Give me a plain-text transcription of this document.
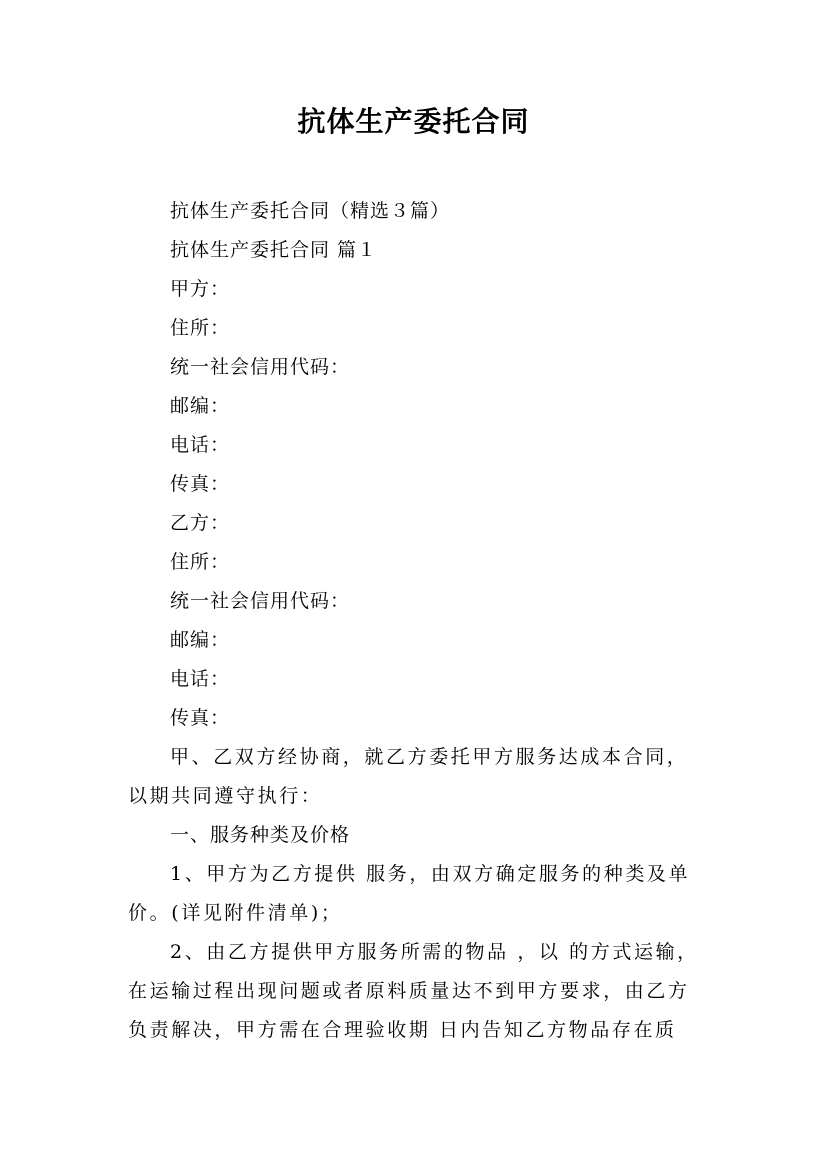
抗体生产委托合同
抗体生产委托合同（精选３篇）
抗体生产委托合同 篇１
甲方：
住所：
统一社会信用代码：
邮编：
电话：
传真：
乙方：
住所：
统一社会信用代码：
邮编：
电话：
传真：
甲、乙双方经协商，就乙方委托甲方服务达成本合同，
以期共同遵守执行：
一、服务种类及价格
1、甲方为乙方提供 服务，由双方确定服务的种类及单
价。(详见附件清单)；
2、由乙方提供甲方服务所需的物品 ，以 的方式运输，
在运输过程出现问题或者原料质量达不到甲方要求，由乙方
负责解决，甲方需在合理验收期 日内告知乙方物品存在质
